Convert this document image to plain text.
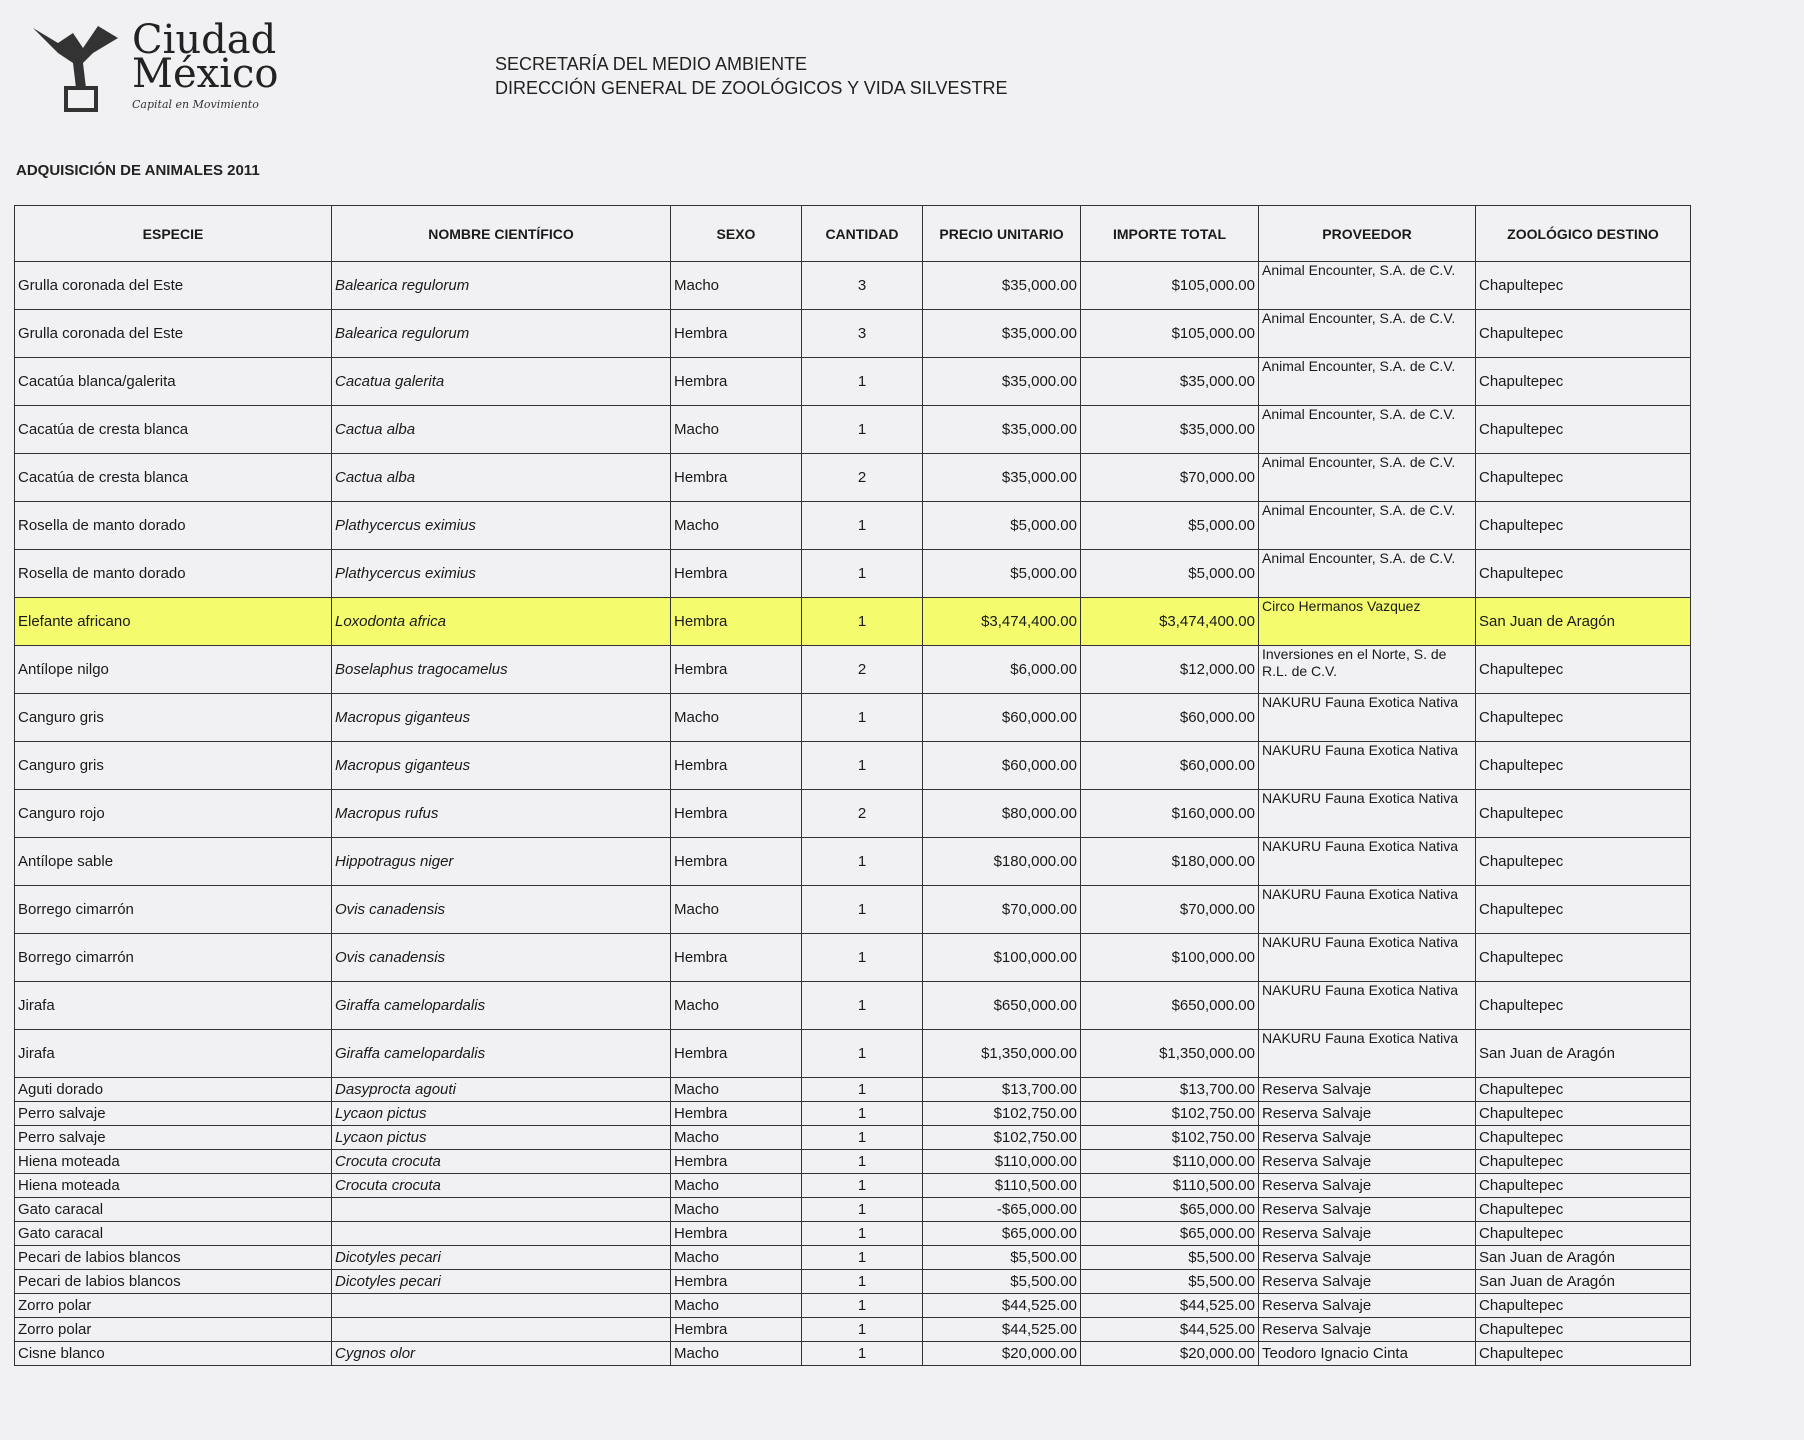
Ciudad
México
Capital en Movimiento
SECRETARÍA DEL MEDIO AMBIENTE
DIRECCIÓN GENERAL DE ZOOLÓGICOS Y VIDA SILVESTRE
ADQUISICIÓN DE ANIMALES 2011
ESPECIE	NOMBRE CIENTÍFICO	SEXO	CANTIDAD	PRECIO UNITARIO	IMPORTE TOTAL	PROVEEDOR	ZOOLÓGICO DESTINO
Grulla coronada del Este	Balearica regulorum	Macho	3	$35,000.00	$105,000.00	Animal Encounter, S.A. de C.V.	Chapultepec
Grulla coronada del Este	Balearica regulorum	Hembra	3	$35,000.00	$105,000.00	Animal Encounter, S.A. de C.V.	Chapultepec
Cacatúa blanca/galerita	Cacatua galerita	Hembra	1	$35,000.00	$35,000.00	Animal Encounter, S.A. de C.V.	Chapultepec
Cacatúa de cresta blanca	Cactua alba	Macho	1	$35,000.00	$35,000.00	Animal Encounter, S.A. de C.V.	Chapultepec
Cacatúa de cresta blanca	Cactua alba	Hembra	2	$35,000.00	$70,000.00	Animal Encounter, S.A. de C.V.	Chapultepec
Rosella de manto dorado	Plathycercus eximius	Macho	1	$5,000.00	$5,000.00	Animal Encounter, S.A. de C.V.	Chapultepec
Rosella de manto dorado	Plathycercus eximius	Hembra	1	$5,000.00	$5,000.00	Animal Encounter, S.A. de C.V.	Chapultepec
Elefante africano	Loxodonta africa	Hembra	1	$3,474,400.00	$3,474,400.00	Circo Hermanos Vazquez	San Juan de Aragón
Antílope nilgo	Boselaphus tragocamelus	Hembra	2	$6,000.00	$12,000.00	Inversiones en el Norte, S. de R.L. de C.V.	Chapultepec
Canguro gris	Macropus giganteus	Macho	1	$60,000.00	$60,000.00	NAKURU Fauna Exotica Nativa	Chapultepec
Canguro gris	Macropus giganteus	Hembra	1	$60,000.00	$60,000.00	NAKURU Fauna Exotica Nativa	Chapultepec
Canguro rojo	Macropus rufus	Hembra	2	$80,000.00	$160,000.00	NAKURU Fauna Exotica Nativa	Chapultepec
Antílope sable	Hippotragus niger	Hembra	1	$180,000.00	$180,000.00	NAKURU Fauna Exotica Nativa	Chapultepec
Borrego cimarrón	Ovis canadensis	Macho	1	$70,000.00	$70,000.00	NAKURU Fauna Exotica Nativa	Chapultepec
Borrego cimarrón	Ovis canadensis	Hembra	1	$100,000.00	$100,000.00	NAKURU Fauna Exotica Nativa	Chapultepec
Jirafa	Giraffa camelopardalis	Macho	1	$650,000.00	$650,000.00	NAKURU Fauna Exotica Nativa	Chapultepec
Jirafa	Giraffa camelopardalis	Hembra	1	$1,350,000.00	$1,350,000.00	NAKURU Fauna Exotica Nativa	San Juan de Aragón
Aguti dorado	Dasyprocta agouti	Macho	1	$13,700.00	$13,700.00	Reserva Salvaje	Chapultepec
Perro salvaje	Lycaon pictus	Hembra	1	$102,750.00	$102,750.00	Reserva Salvaje	Chapultepec
Perro salvaje	Lycaon pictus	Macho	1	$102,750.00	$102,750.00	Reserva Salvaje	Chapultepec
Hiena moteada	Crocuta crocuta	Hembra	1	$110,000.00	$110,000.00	Reserva Salvaje	Chapultepec
Hiena moteada	Crocuta crocuta	Macho	1	$110,500.00	$110,500.00	Reserva Salvaje	Chapultepec
Gato caracal		Macho	1	-$65,000.00	$65,000.00	Reserva Salvaje	Chapultepec
Gato caracal		Hembra	1	$65,000.00	$65,000.00	Reserva Salvaje	Chapultepec
Pecari de labios blancos	Dicotyles pecari	Macho	1	$5,500.00	$5,500.00	Reserva Salvaje	San Juan de Aragón
Pecari de labios blancos	Dicotyles pecari	Hembra	1	$5,500.00	$5,500.00	Reserva Salvaje	San Juan de Aragón
Zorro polar		Macho	1	$44,525.00	$44,525.00	Reserva Salvaje	Chapultepec
Zorro polar		Hembra	1	$44,525.00	$44,525.00	Reserva Salvaje	Chapultepec
Cisne blanco	Cygnos olor	Macho	1	$20,000.00	$20,000.00	Teodoro Ignacio Cinta	Chapultepec
